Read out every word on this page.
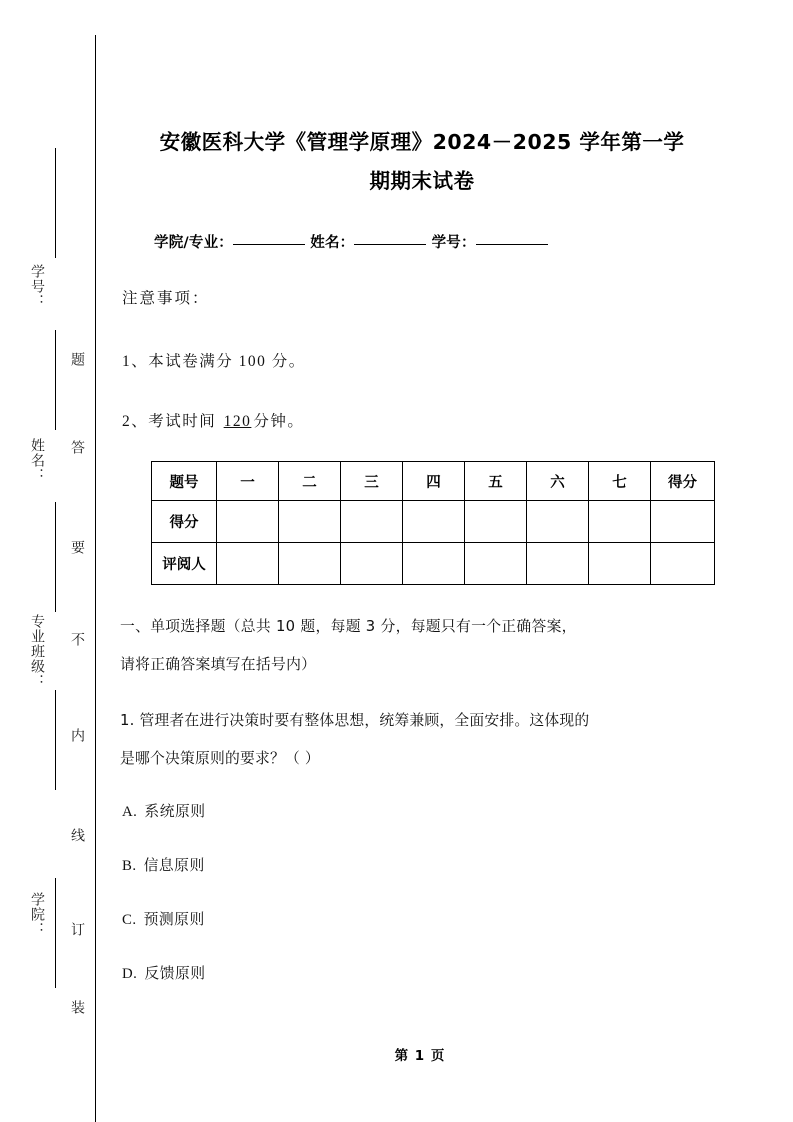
学号：
姓名：
专业班级：
学院：
题
答
要
不
内
线
订
装
安徽医科大学《管理学原理》2024－2025 学年第一学
期期末试卷
学院/专业：	姓名：	学号：
注意事项：
1、本试卷满分 100 分。
2、考试时间 120 分钟。
题号	一	二	三	四	五	六	七	得分
得分								
评阅人								
一、单项选择题（总共 10 题，每题 3 分，每题只有一个正确答案，
请将正确答案填写在括号内）
1. 管理者在进行决策时要有整体思想，统筹兼顾，全面安排。这体现的
是哪个决策原则的要求？（ ）
A. 系统原则
B. 信息原则
C. 预测原则
D. 反馈原则
第 1 页
